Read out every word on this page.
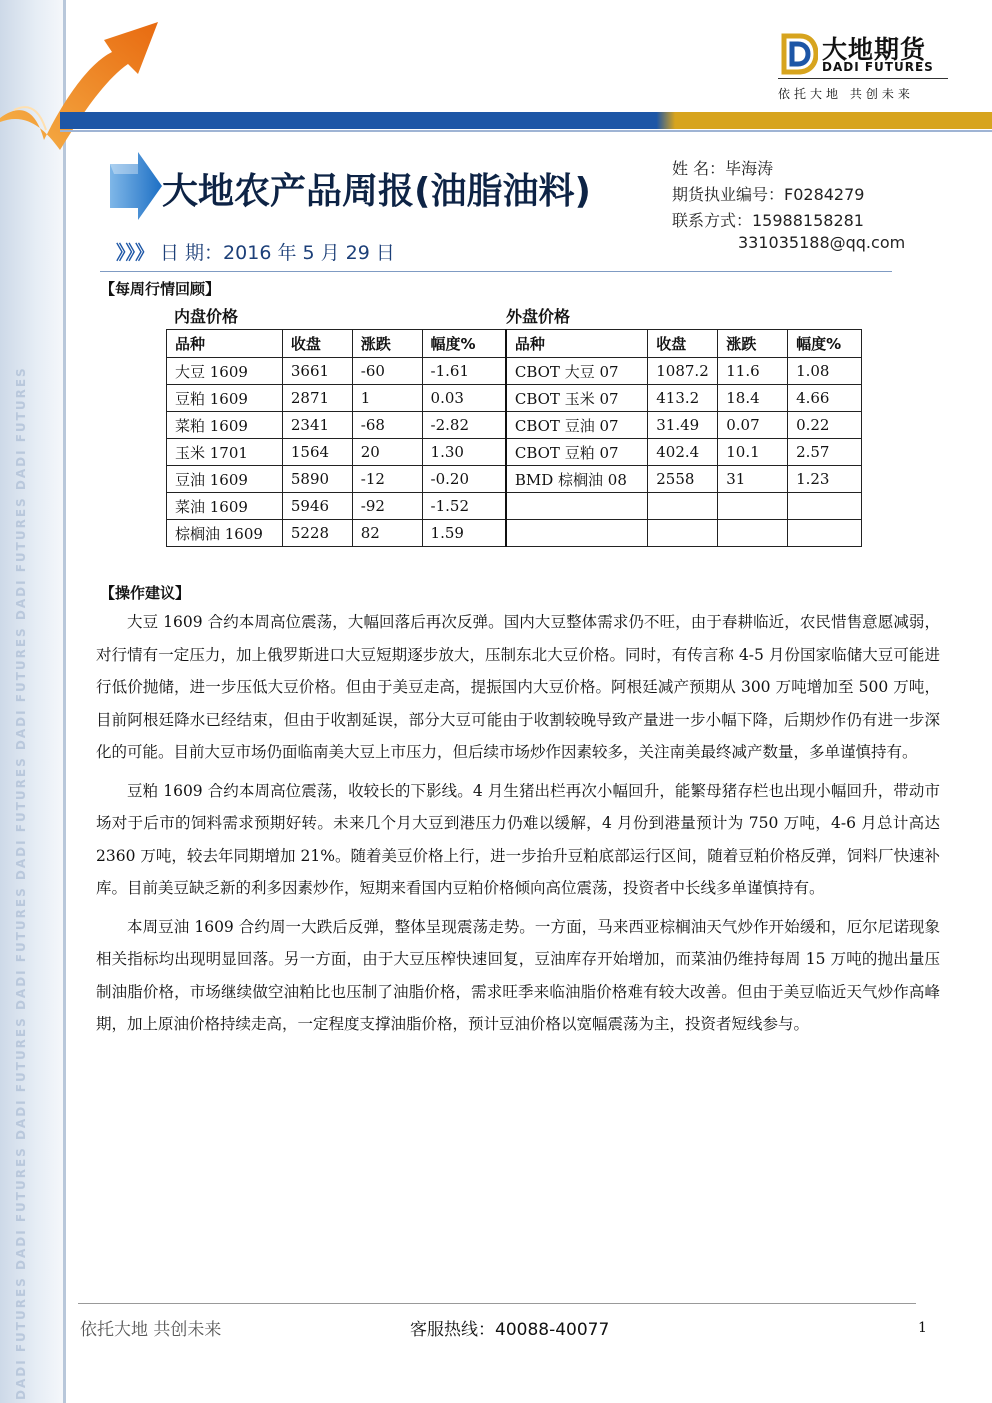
DADI FUTURES DADI FUTURES DADI FUTURES DADI FUTURES DADI FUTURES DADI FUTURES DADI FUTURES DADI FUTURES
大地期货
DADI FUTURES
依托大地 共创未来
大地农产品周报(油脂油料)
姓 名：毕海涛
期货执业编号：F0284279
联系方式：15988158281
331035188@qq.com
》》》 日 期：2016 年 5 月 29 日
【每周行情回顾】
内盘价格	外盘价格
品种	收盘	涨跌	幅度%	品种	收盘	涨跌	幅度%
大豆 1609	3661	-60	-1.61	CBOT 大豆 07	1087.2	11.6	1.08
豆粕 1609	2871	1	0.03	CBOT 玉米 07	413.2	18.4	4.66
菜粕 1609	2341	-68	-2.82	CBOT 豆油 07	31.49	0.07	0.22
玉米 1701	1564	20	1.30	CBOT 豆粕 07	402.4	10.1	2.57
豆油 1609	5890	-12	-0.20	BMD 棕榈油 08	2558	31	1.23
菜油 1609	5946	-92	-1.52				
棕榈油 1609	5228	82	1.59				
【操作建议】

大豆 1609 合约本周高位震荡，大幅回落后再次反弹。国内大豆整体需求仍不旺，由于春耕临近，农民惜售意愿减弱，对行情有一定压力，加上俄罗斯进口大豆短期逐步放大，压制东北大豆价格。同时，有传言称 4-5 月份国家临储大豆可能进行低价抛储，进一步压低大豆价格。但由于美豆走高，提振国内大豆价格。阿根廷减产预期从 300 万吨增加至 500 万吨，目前阿根廷降水已经结束，但由于收割延误，部分大豆可能由于收割较晚导致产量进一步小幅下降，后期炒作仍有进一步深化的可能。目前大豆市场仍面临南美大豆上市压力，但后续市场炒作因素较多，关注南美最终减产数量，多单谨慎持有。

豆粕 1609 合约本周高位震荡，收较长的下影线。4 月生猪出栏再次小幅回升，能繁母猪存栏也出现小幅回升，带动市场对于后市的饲料需求预期好转。未来几个月大豆到港压力仍难以缓解，4 月份到港量预计为 750 万吨，4-6 月总计高达 2360 万吨，较去年同期增加 21%。随着美豆价格上行，进一步抬升豆粕底部运行区间，随着豆粕价格反弹，饲料厂快速补库。目前美豆缺乏新的利多因素炒作，短期来看国内豆粕价格倾向高位震荡，投资者中长线多单谨慎持有。

本周豆油 1609 合约周一大跌后反弹，整体呈现震荡走势。一方面，马来西亚棕榈油天气炒作开始缓和，厄尔尼诺现象相关指标均出现明显回落。另一方面，由于大豆压榨快速回复，豆油库存开始增加，而菜油仍维持每周 15 万吨的抛出量压制油脂价格，市场继续做空油粕比也压制了油脂价格，需求旺季来临油脂价格难有较大改善。但由于美豆临近天气炒作高峰期，加上原油价格持续走高，一定程度支撑油脂价格，预计豆油价格以宽幅震荡为主，投资者短线参与。

依托大地 共创未来	客服热线：40088-40077	1
